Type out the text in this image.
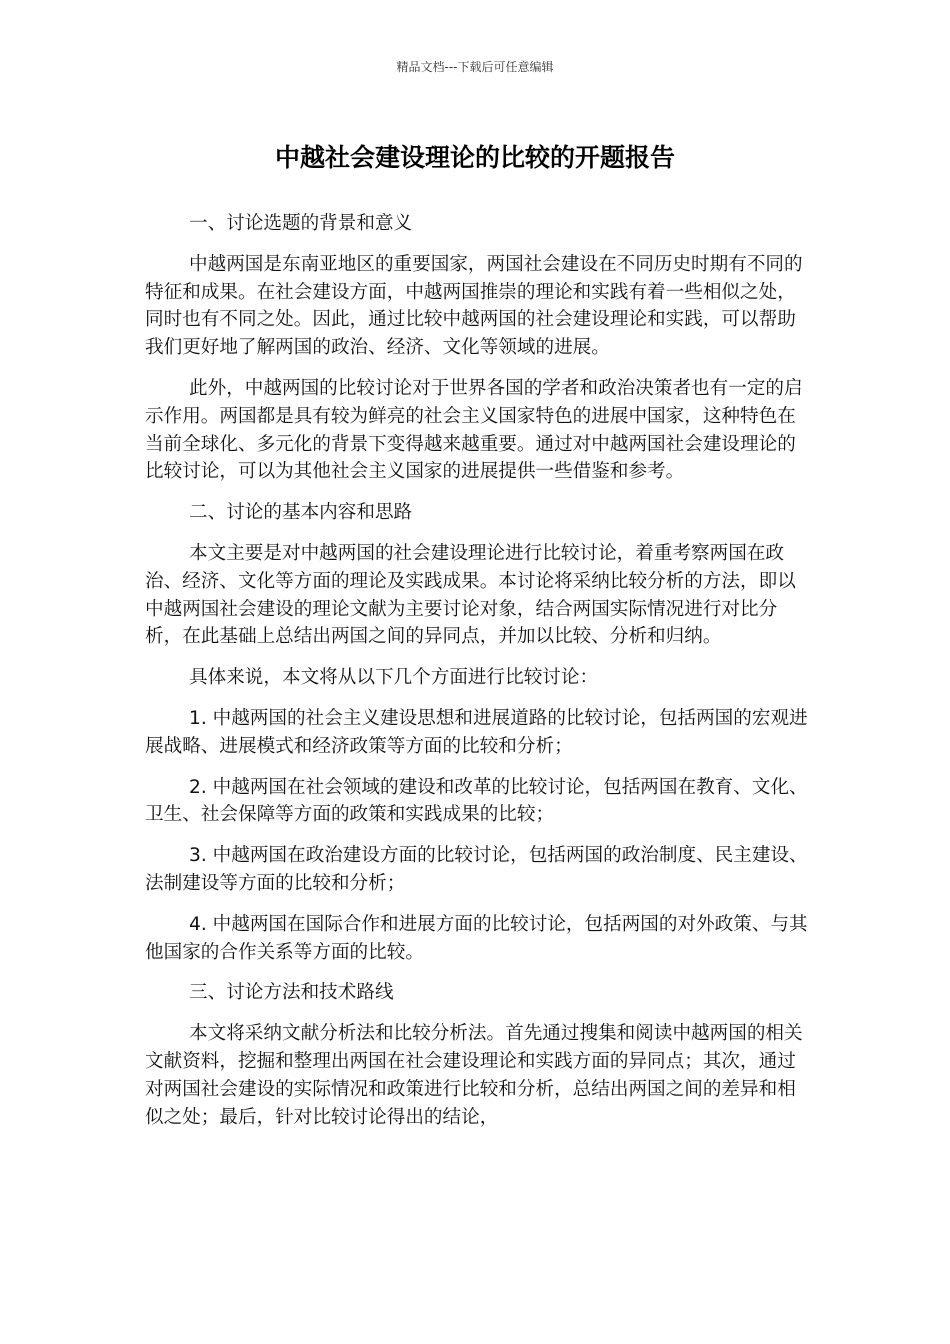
精品文档---下载后可任意编辑
中越社会建设理论的比较的开题报告

一、讨论选题的背景和意义

中越两国是东南亚地区的重要国家，两国社会建设在不同历史时期有不同的特征和成果。在社会建设方面，中越两国推崇的理论和实践有着一些相似之处，同时也有不同之处。因此，通过比较中越两国的社会建设理论和实践，可以帮助我们更好地了解两国的政治、经济、文化等领域的进展。

此外，中越两国的比较讨论对于世界各国的学者和政治决策者也有一定的启示作用。两国都是具有较为鲜亮的社会主义国家特色的进展中国家，这种特色在当前全球化、多元化的背景下变得越来越重要。通过对中越两国社会建设理论的比较讨论，可以为其他社会主义国家的进展提供一些借鉴和参考。

二、讨论的基本内容和思路

本文主要是对中越两国的社会建设理论进行比较讨论，着重考察两国在政治、经济、文化等方面的理论及实践成果。本讨论将采纳比较分析的方法，即以中越两国社会建设的理论文献为主要讨论对象，结合两国实际情况进行对比分析，在此基础上总结出两国之间的异同点，并加以比较、分析和归纳。

具体来说，本文将从以下几个方面进行比较讨论：

1. 中越两国的社会主义建设思想和进展道路的比较讨论，包括两国的宏观进展战略、进展模式和经济政策等方面的比较和分析；

2. 中越两国在社会领域的建设和改革的比较讨论，包括两国在教育、文化、卫生、社会保障等方面的政策和实践成果的比较；

3. 中越两国在政治建设方面的比较讨论，包括两国的政治制度、民主建设、法制建设等方面的比较和分析；

4. 中越两国在国际合作和进展方面的比较讨论，包括两国的对外政策、与其他国家的合作关系等方面的比较。

三、讨论方法和技术路线

本文将采纳文献分析法和比较分析法。首先通过搜集和阅读中越两国的相关文献资料，挖掘和整理出两国在社会建设理论和实践方面的异同点；其次，通过对两国社会建设的实际情况和政策进行比较和分析，总结出两国之间的差异和相似之处；最后，针对比较讨论得出的结论，
